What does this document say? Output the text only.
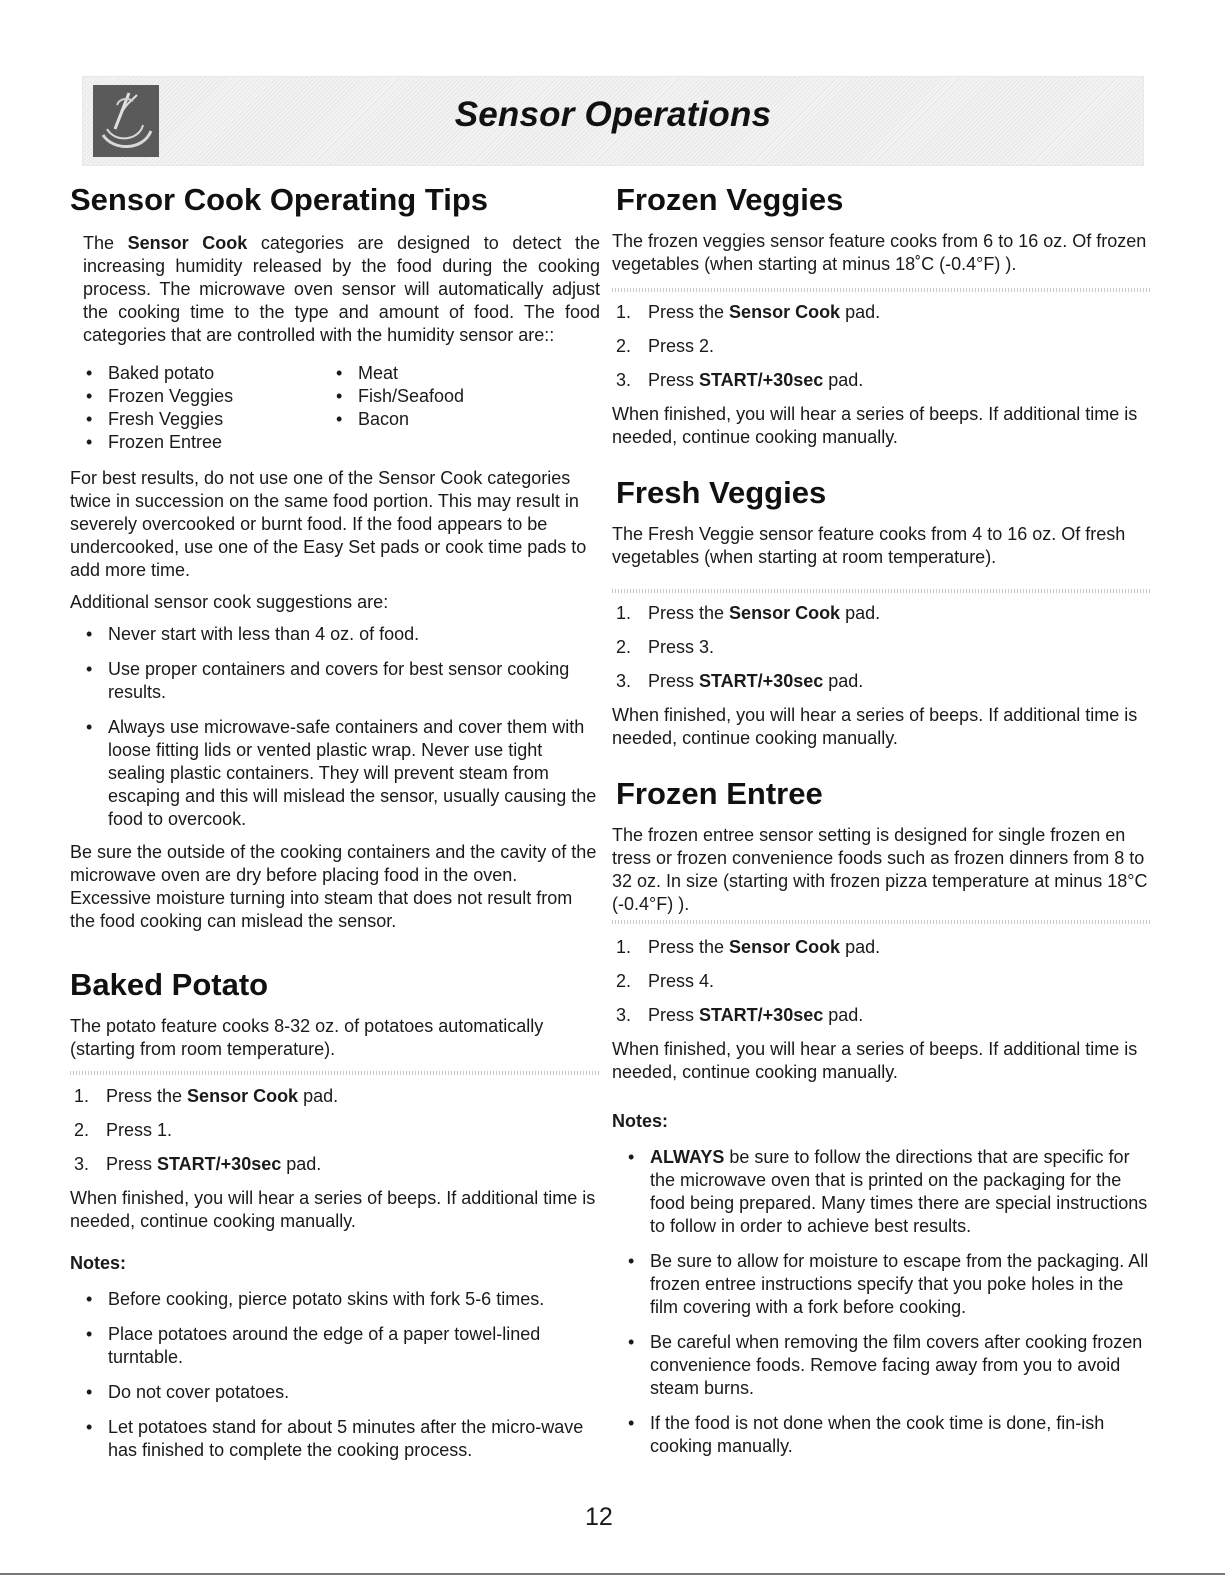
Sensor Operations
Sensor Cook Operating Tips

The Sensor Cook categories are designed to detect the increasing humidity released by the food during the cooking process. The microwave oven sensor will automatically adjust the cooking time to the type and amount of food. The food categories that are controlled with the humidity sensor are::

• Baked potato	• Meat
• Frozen Veggies	• Fish/Seafood
• Fresh Veggies	• Bacon
• Frozen Entree

For best results, do not use one of the Sensor Cook categories twice in succession on the same food portion. This may result in severely overcooked or burnt food. If the food appears to be undercooked, use one of the Easy Set pads or cook time pads to add more time.

Additional sensor cook suggestions are:

• Never start with less than 4 oz. of food.
• Use proper containers and covers for best sensor cooking results.
• Always use microwave-safe containers and cover them with loose fitting lids or vented plastic wrap. Never use tight sealing plastic containers. They will prevent steam from escaping and this will mislead the sensor, usually causing the food to overcook.

Be sure the outside of the cooking containers and the cavity of the microwave oven are dry before placing food in the oven. Excessive moisture turning into steam that does not result from the food cooking can mislead the sensor.

Baked Potato

The potato feature cooks 8-32 oz. of potatoes automatically (starting from room temperature).

1. Press the Sensor Cook pad.
2. Press 1.
3. Press START/+30sec pad.

When finished, you will hear a series of beeps. If additional time is needed, continue cooking manually.

Notes:

• Before cooking, pierce potato skins with fork 5-6 times.
• Place potatoes around the edge of a paper towel-lined turntable.
• Do not cover potatoes.
• Let potatoes stand for about 5 minutes after the micro-wave has finished to complete the cooking process.
Frozen Veggies

The frozen veggies sensor feature cooks from 6 to 16 oz. Of frozen vegetables (when starting at minus 18˚C (-0.4°F) ).

1. Press the Sensor Cook pad.
2. Press 2.
3. Press START/+30sec pad.

When finished, you will hear a series of beeps. If additional time is needed, continue cooking manually.

Fresh Veggies

The Fresh Veggie sensor feature cooks from 4 to 16 oz. Of fresh vegetables (when starting at room temperature).

1. Press the Sensor Cook pad.
2. Press 3.
3. Press START/+30sec pad.

When finished, you will hear a series of beeps. If additional time is needed, continue cooking manually.

Frozen Entree

The frozen entree sensor setting is designed for single frozen en tress or frozen convenience foods such as frozen dinners from 8 to 32 oz. In size (starting with frozen pizza temperature at minus 18°C (-0.4°F) ).

1. Press the Sensor Cook pad.
2. Press 4.
3. Press START/+30sec pad.

When finished, you will hear a series of beeps. If additional time is needed, continue cooking manually.

Notes:

• ALWAYS be sure to follow the directions that are specific for the microwave oven that is printed on the packaging for the food being prepared. Many times there are special instructions to follow in order to achieve best results.
• Be sure to allow for moisture to escape from the packaging. All frozen entree instructions specify that you poke holes in the film covering with a fork before cooking.
• Be careful when removing the film covers after cooking frozen convenience foods. Remove facing away from you to avoid steam burns.
• If the food is not done when the cook time is done, fin-ish cooking manually.
12
